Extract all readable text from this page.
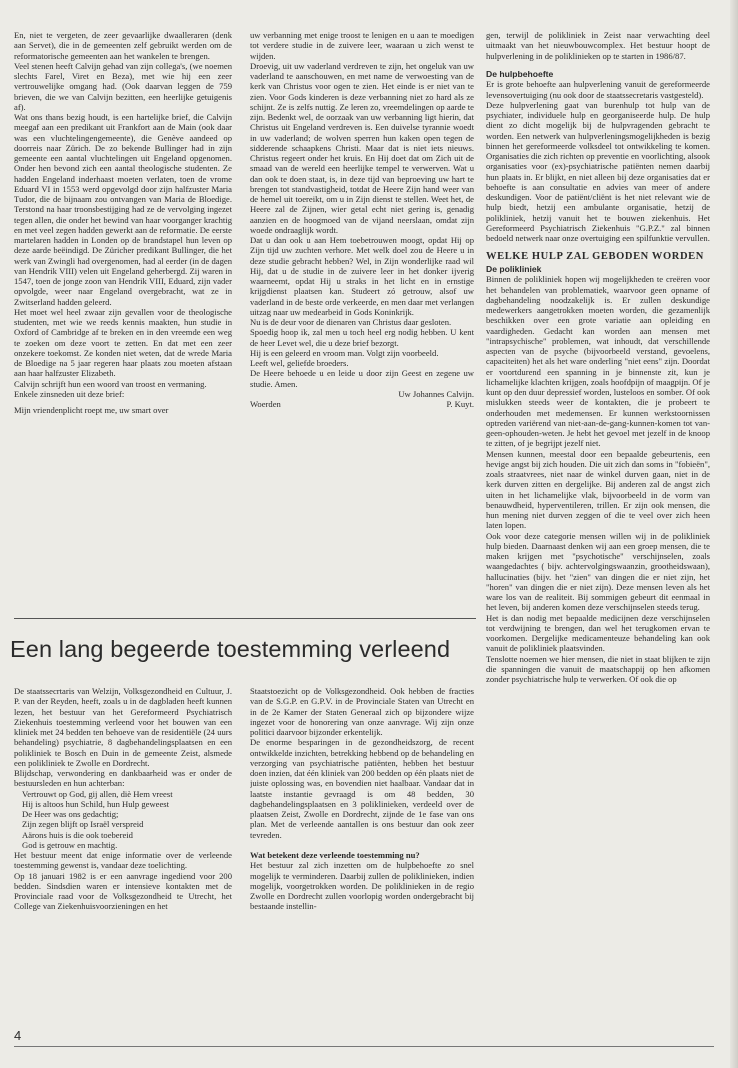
En, niet te vergeten, de zeer gevaarlijke dwaalleraren (denk aan Servet), die in de gemeenten zelf gebruikt werden om de reformatorische gemeenten aan het wankelen te brengen.

Veel stenen heeft Calvijn gehad van zijn collega's, (we noemen slechts Farel, Viret en Beza), met wie hij een zeer vertrouwelijke omgang had. (Ook daarvan leggen de 759 brieven, die we van Calvijn bezitten, een heerlijke getuigenis af).

Wat ons thans bezig houdt, is een hartelijke brief, die Calvijn meegaf aan een predikant uit Frankfort aan de Main (ook daar was een vluchtelingengemeente), die Genève aandeed op doorreis naar Zürich. De zo bekende Bullinger had in zijn gemeente een aantal vluchtelingen uit Engeland opgenomen. Onder hen bevond zich een aantal theologische studenten. Ze hadden Engeland inderhaast moeten verlaten, toen de vrome Eduard VI in 1553 werd opgevolgd door zijn halfzuster Maria Tudor, die de bijnaam zou ontvangen van Maria de Bloedige. Terstond na haar troonsbestijging had ze de vervolging ingezet tegen allen, die onder het bewind van haar voorganger krachtig en met veel zegen hadden gewerkt aan de reformatie. De eerste martelaren hadden in Londen op de brandstapel hun leven op deze aarde beëindigd. De Züricher predikant Bullinger, die het werk van Zwingli had overgenomen, had al eerder (in de dagen van Hendrik VIII) velen uit Engeland geherbergd. Zij waren in 1547, toen de jonge zoon van Hendrik VIII, Eduard, zijn vader opvolgde, weer naar Engeland overgebracht, wat ze in Zwitserland hadden geleerd.

Het moet wel heel zwaar zijn gevallen voor de theologische studenten, met wie we reeds kennis maakten, hun studie in Oxford of Cambridge af te breken en in den vreemde een weg te zoeken om deze voort te zetten. En dat met een zeer onzekere toekomst. Ze konden niet weten, dat de wrede Maria de Bloedige na 5 jaar regeren haar plaats zou moeten afstaan aan haar halfzuster Elizabeth.

Calvijn schrijft hun een woord van troost en vermaning.

Enkele zinsneden uit deze brief:

Mijn vriendenplicht roept me, uw smart over

uw verbanning met enige troost te lenigen en u aan te moedigen tot verdere studie in de zuivere leer, waaraan u zich wenst te wijden.

Droevig, uit uw vaderland verdreven te zijn, het ongeluk van uw vaderland te aanschouwen, en met name de verwoesting van de kerk van Christus voor ogen te zien. Het einde is er niet van te zien. Voor Gods kinderen is deze verbanning niet zo hard als ze schijnt. Ze is zelfs nuttig. Ze leren zo, vreemdelingen op aarde te zijn. Bedenkt wel, de oorzaak van uw verbanning ligt hierin, dat Christus uit Engeland verdreven is. Een duivelse tyrannie woedt in uw vaderland; de wolven sperren hun kaken open tegen de sidderende schaapkens Christi. Maar dat is niet iets nieuws. Christus regeert onder het kruis. En Hij doet dat om Zich uit de smaad van de wereld een heerlijke tempel te verwerven. Wat u dan ook te doen staat, is, in deze tijd van beproeving uw hart te brengen tot standvastigheid, totdat de Heere Zijn hand weer van de hemel uit toereikt, om u in Zijn dienst te stellen. Weet het, de Heere zal de Zijnen, wier getal echt niet gering is, genadig aanzien en de hoogmoed van de vijand neerslaan, omdat zijn woede ondraaglijk wordt.

Dat u dan ook u aan Hem toebetrouwen moogt, opdat Hij op Zijn tijd uw zuchten verhore. Met welk doel zou de Heere u in deze studie gebracht hebben? Wel, in Zijn wonderlijke raad wil Hij, dat u de studie in de zuivere leer in het donker ijverig waarneemt, opdat Hij u straks in het licht en in ernstige krijgdienst plaatsen kan. Studeert zó getrouw, alsof uw vaderland in de beste orde verkeerde, en men daar met verlangen uitzag naar uw medearbeid in Gods Koninkrijk.

Nu is de deur voor de dienaren van Christus daar gesloten.

Spoedig hoop ik, zal men u toch heel erg nodig hebben. U kent de heer Levet wel, die u deze brief bezorgt.

Hij is een geleerd en vroom man. Volgt zijn voorbeeld.

Leeft wel, geliefde broeders.

De Heere behoede u en leide u door zijn Geest en zegene uw studie. Amen.

Uw Johannes Calvijn.

Woerden	P. Kuyt.

gen, terwijl de polikliniek in Zeist naar verwachting deel uitmaakt van het nieuwbouwcomplex. Het bestuur hoopt de hulpverlening in de poliklinieken op te starten in 1986/87.

De hulpbehoefte

Er is grote behoefte aan hulpverlening vanuit de gereformeerde levensovertuiging (nu ook door de staatssecretaris vastgesteld).

Deze hulpverlening gaat van burenhulp tot hulp van de psychiater, individuele hulp en georganiseerde hulp. De hulp dient zo dicht mogelijk bij de hulpvragenden gebracht te worden. Een netwerk van hulpverleningsmogelijkheden is bezig binnen het gereformeerde volksdeel tot ontwikkeling te komen. Organisaties die zich richten op preventie en voorlichting, alsook organisaties voor (ex)-psychiatrische patiënten nemen daarbij hun plaats in. Er blijkt, en niet alleen bij deze organisaties dat er behoefte is aan consultatie en advies van meer of andere deskundigen. Voor de patiënt/cliënt is het niet relevant wie de hulp biedt, hetzij een ambulante organisatie, hetzij de polikliniek, hetzij vanuit het te bouwen ziekenhuis. Het Gereformeerd Psychiatrisch Ziekenhuis "G.P.Z." zal binnen bedoeld netwerk naar onze overtuiging een spilfunktie vervullen.

WELKE HULP ZAL GEBODEN WORDEN
De polikliniek

Binnen de polikliniek hopen wij mogelijkheden te creëren voor het behandelen van problematiek, waarvoor geen opname of dagbehandeling noodzakelijk is. Er zullen deskundige medewerkers aangetrokken moeten worden, die gezamenlijk beschikken over een grote variatie aan opleiding en vaardigheden. Gedacht kan worden aan mensen met "intrapsychische" problemen, wat inhoudt, dat verschillende aspecten van de psyche (bijvoorbeeld verstand, gevoelens, capaciteiten) het als het ware onderling "niet eens" zijn. Doordat er voortdurend een spanning in je binnenste zit, kun je lichamelijke klachten krijgen, zoals hoofdpijn of maagpijn. Of je kunt op den duur depressief worden, lusteloos en somber. Of ook mislukken steeds weer de kontakten, die je probeert te onderhouden met medemensen. Er kunnen werkstoornissen optreden variërend van niet-aan-de-gang-kunnen-komen tot van-geen-ophouden-weten. Je hebt het gevoel met jezelf in de knoop te zitten, of je begrijpt jezelf niet.

Mensen kunnen, meestal door een bepaalde gebeurtenis, een hevige angst bij zich houden. Die uit zich dan soms in "fobieën", zoals straatvrees, niet naar de winkel durven gaan, niet in de kerk durven zitten en dergelijke. Bij anderen zal de angst zich uiten in het lichamelijke vlak, bijvoorbeeld in de vorm van benauwdheid, hyperventileren, trillen. Er zijn ook mensen, die hun mening niet durven zeggen of die te veel over zich heen laten lopen.

Ook voor deze categorie mensen willen wij in de polikliniek hulp bieden. Daarnaast denken wij aan een groep mensen, die te maken krijgen met "psychotische" verschijnselen, zoals waangedachtes ( bijv. achtervolgingswaanzin, grootheidswaan), hallucinaties (bijv. het "zien" van dingen die er niet zijn, het "horen" van dingen die er niet zijn). Deze mensen leven als het ware los van de realiteit. Bij sommigen gebeurt dit eenmaal in het leven, bij anderen komen deze verschijnselen steeds terug.

Het is dan nodig met bepaalde medicijnen deze verschijnselen tot verdwijning te brengen, dan wel het terugkomen ervan te voorkomen. Dergelijke medicamenteuze behandeling kan ook vanuit de polikliniek plaatsvinden.

Tenslotte noemen we hier mensen, die niet in staat blijken te zijn die spanningen die vanuit de maatschappij op hen afkomen zonder psychiatrische hulp te verwerken. Of ook die op

Een lang begeerde toestemming verleend

De staatssecrtaris van Welzijn, Volksgezondheid en Cultuur, J. P. van der Reyden, heeft, zoals u in de dagbladen heeft kunnen lezen, het bestuur van het Gereformeerd Psychiatrisch Ziekenhuis toestemming verleend voor het bouwen van een kliniek met 24 bedden ten behoeve van de residentiële (24 uurs behandeling) psychiatrie, 8 dagbehandelingsplaatsen en een polikliniek te Bosch en Duin in de gemeente Zeist, alsmede een polikliniek te Zwolle en Dordrecht.

Blijdschap, verwondering en dankbaarheid was er onder de bestuursleden en hun achterban:

Vertrouwt op God, gij allen, diè Hem vreest

Hij is altoos hun Schild, hun Hulp geweest

De Heer was ons gedachtig;

Zijn zegen blijft op Israël verspreid

Aärons huis is die ook toebereid

God is getrouw en machtig.

Het bestuur meent dat enige informatie over de verleende toestemming gewenst is, vandaar deze toelichting.

Op 18 januari 1982 is er een aanvrage ingediend voor 200 bedden. Sindsdien waren er intensieve kontakten met de Provinciale raad voor de Volksgezondheid te Utrecht, het College van Ziekenhuisvoorzieningen en het

Staatstoezicht op de Volksgezondheid. Ook hebben de fracties van de S.G.P. en G.P.V. in de Provinciale Staten van Utrecht en in de 2e Kamer der Staten Generaal zich op bijzondere wijze ingezet voor de honorering van onze aanvrage. Wij zijn onze politici daarvoor bijzonder erkentelijk.

De enorme besparingen in de gezondheidszorg, de recent ontwikkelde inzichten, betrekking hebbend op de behandeling en verzorging van psychiatrische patiënten, hebben het bestuur doen inzien, dat één kliniek van 200 bedden op één plaats niet de juiste oplossing was, en bovendien niet haalbaar. Vandaar dat in laatste instantie gevraagd is om 48 bedden, 30 dagbehandelingsplaatsen en 3 poliklinieken, verdeeld over de plaatsen Zeist, Zwolle en Dordrecht, zijnde de 1e fase van ons plan. Met de verleende aantallen is ons bestuur dan ook zeer tevreden.

Wat betekent deze verleende toestemming nu?

Het bestuur zal zich inzetten om de hulpbehoefte zo snel mogelijk te verminderen. Daarbij zullen de poliklinieken, indien mogelijk, voorgetrokken worden. De poliklinieken in de regio Zwolle en Dordrecht zullen voorlopig worden ondergebracht bij bestaande instellin-

4
